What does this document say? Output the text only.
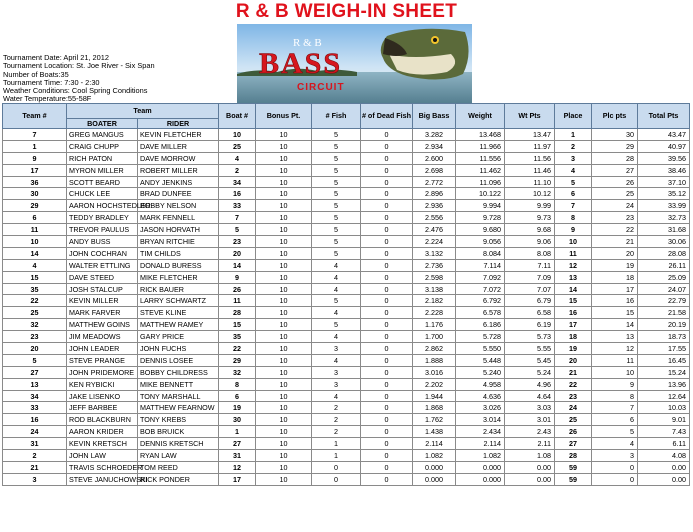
R & B WEIGH-IN SHEET
R & B
BASS
CIRCUIT
Tournament Date: April 21, 2012
Tournament Location: St. Joe River - Six Span
Number of Boats:35
Tournament Time: 7:30 - 2:30
Weather Conditions: Cool Spring Conditions
Water Temperature:55-58F
Team #	Team		Boat #	Bonus Pt.	# Fish	# of Dead Fish	Big Bass	Weight	Wt Pts	Place	Plc pts	Total Pts
	BOATER	RIDER										
7	GREG MANGUS	KEVIN FLETCHER	10	10	5	0	3.282	13.468	13.47	1	30	43.47
1	CRAIG CHUPP	DAVE MILLER	25	10	5	0	2.934	11.966	11.97	2	29	40.97
9	RICH PATON	DAVE MORROW	4	10	5	0	2.600	11.556	11.56	3	28	39.56
17	MYRON MILLER	ROBERT MILLER	2	10	5	0	2.698	11.462	11.46	4	27	38.46
36	SCOTT BEARD	ANDY JENKINS	34	10	5	0	2.772	11.096	11.10	5	26	37.10
30	CHUCK LEE	BRAD DUNFEE	16	10	5	0	2.896	10.122	10.12	6	25	35.12
29	AARON HOCHSTEDLER	BOBBY NELSON	33	10	5	0	2.936	9.994	9.99	7	24	33.99
6	TEDDY BRADLEY	MARK FENNELL	7	10	5	0	2.556	9.728	9.73	8	23	32.73
11	TREVOR PAULUS	JASON HORVATH	5	10	5	0	2.476	9.680	9.68	9	22	31.68
10	ANDY BUSS	BRYAN RITCHIE	23	10	5	0	2.224	9.056	9.06	10	21	30.06
14	JOHN COCHRAN	TIM CHILDS	20	10	5	0	3.132	8.084	8.08	11	20	28.08
4	WALTER ETTLING	DONALD BURESS	14	10	4	0	2.736	7.114	7.11	12	19	26.11
15	DAVE STEED	MIKE FLETCHER	9	10	4	0	2.598	7.092	7.09	13	18	25.09
35	JOSH STALCUP	RICK BAUER	26	10	4	0	3.138	7.072	7.07	14	17	24.07
22	KEVIN MILLER	LARRY SCHWARTZ	11	10	5	0	2.182	6.792	6.79	15	16	22.79
25	MARK FARVER	STEVE KLINE	28	10	4	0	2.228	6.578	6.58	16	15	21.58
32	MATTHEW GOINS	MATTHEW RAMEY	15	10	5	0	1.176	6.186	6.19	17	14	20.19
23	JIM MEADOWS	GARY PRICE	35	10	4	0	1.700	5.728	5.73	18	13	18.73
20	JOHN LEADER	JOHN FUCHS	22	10	3	0	2.862	5.550	5.55	19	12	17.55
5	STEVE PRANGE	DENNIS LOSEE	29	10	4	0	1.888	5.448	5.45	20	11	16.45
27	JOHN PRIDEMORE	BOBBY CHILDRESS	32	10	3	0	3.016	5.240	5.24	21	10	15.24
13	KEN RYBICKI	MIKE BENNETT	8	10	3	0	2.202	4.958	4.96	22	9	13.96
34	JAKE LISENKO	TONY MARSHALL	6	10	4	0	1.944	4.636	4.64	23	8	12.64
33	JEFF BARBEE	MATTHEW FEARNOW	19	10	2	0	1.868	3.026	3.03	24	7	10.03
16	ROD BLACKBURN	TONY KREBS	30	10	2	0	1.762	3.014	3.01	25	6	9.01
24	AARON KRIDER	BOB BRUICK	1	10	2	0	1.438	2.434	2.43	26	5	7.43
31	KEVIN KRETSCH	DENNIS KRETSCH	27	10	1	0	2.114	2.114	2.11	27	4	6.11
2	JOHN LAW	RYAN LAW	31	10	1	0	1.082	1.082	1.08	28	3	4.08
21	TRAVIS SCHROEDER	TOM REED	12	10	0	0	0.000	0.000	0.00	59	0	0.00
3	STEVE JANUCHOWSKI	RICK PONDER	17	10	0	0	0.000	0.000	0.00	59	0	0.00
